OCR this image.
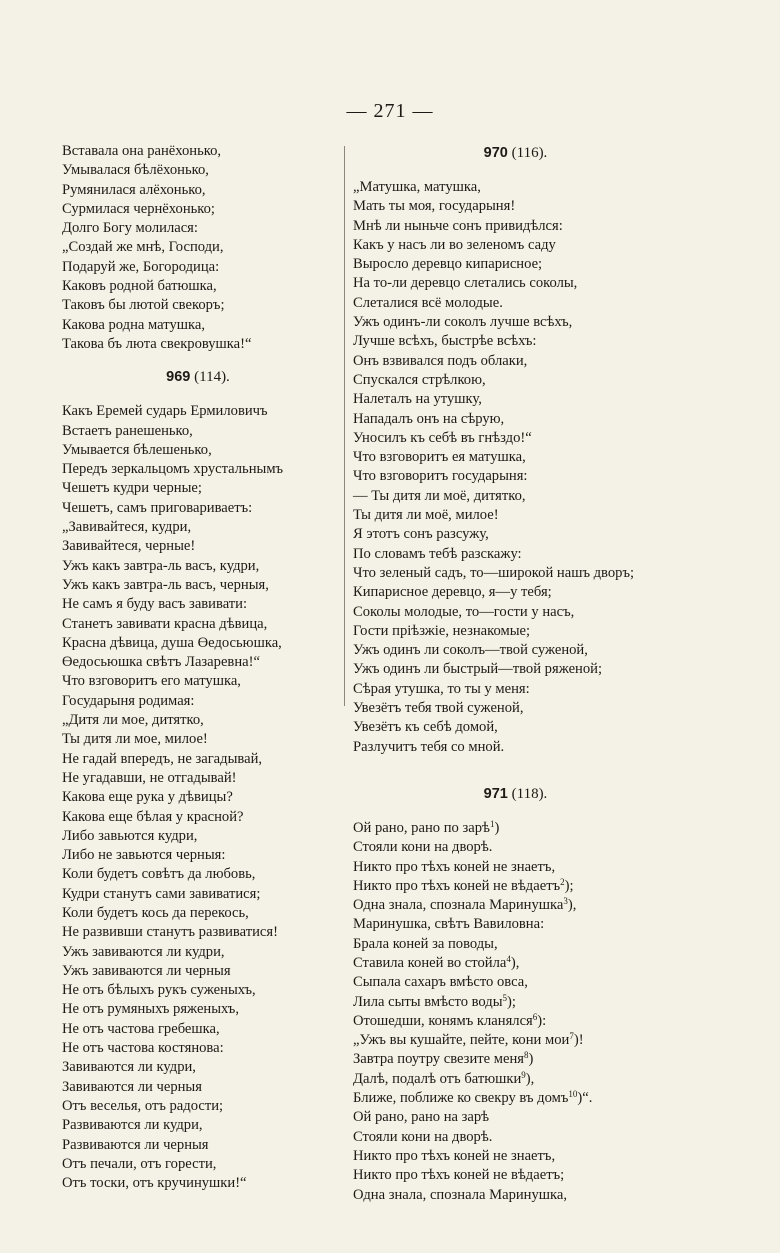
— 271 —
Вставала она ранёхонько,
Умывалася бѣлёхонько,
Румянилася алёхонько,
Сурмилася чернёхонько;
Долго Богу молилася:
„Создай же мнѣ, Господи,
Подаруй же, Богородица:
Каковъ родной батюшка,
Таковъ бы лютой свекоръ;
Какова родна матушка,
Такова бъ люта свекровушка!“
969 (114).
Какъ Еремей сударь Ермиловичъ
Встаетъ ранешенько,
Умывается бѣлешенько,
Передъ зеркальцомъ хрустальнымъ
Чешетъ кудри черные;
Чешетъ, самъ приговариваетъ:
„Завивайтеся, кудри,
Завивайтеся, черные!
Ужъ какъ завтра-ль васъ, кудри,
Ужъ какъ завтра-ль васъ, черныя,
Не самъ я буду васъ завивати:
Станетъ завивати красна дѣвица,
Красна дѣвица, душа Өедосьюшка,
Өедосьюшка свѣтъ Лазаревна!“
Что взговоритъ его матушка,
Государыня родимая:
„Дитя ли мое, дитятко,
Ты дитя ли мое, милое!
Не гадай впередъ, не загадывай,
Не угадавши, не отгадывай!
Какова еще рука у дѣвицы?
Какова еще бѣлая у красной?
Либо завьются кудри,
Либо не завьются черныя:
Коли будетъ совѣтъ да любовь,
Кудри станутъ сами завиватися;
Коли будетъ кось да перекось,
Не развивши станутъ развиватися!
Ужъ завиваются ли кудри,
Ужъ завиваются ли черныя
Не отъ бѣлыхъ рукъ суженыхъ,
Не отъ румяныхъ ряженыхъ,
Не отъ частова гребешка,
Не отъ частова костянова:
Завиваются ли кудри,
Завиваются ли черныя
Отъ веселья, отъ радости;
Развиваются ли кудри,
Развиваются ли черныя
Отъ печали, отъ горести,
Отъ тоски, отъ кручинушки!“
970 (116).
„Матушка, матушка,
Мать ты моя, государыня!
Мнѣ ли ныньче сонъ привидѣлся:
Какъ у насъ ли во зеленомъ саду
Выросло деревцо кипарисное;
На то-ли деревцо слетались соколы,
Слеталися всё молодые.
Ужъ одинъ-ли соколъ лучше всѣхъ,
Лучше всѣхъ, быстрѣе всѣхъ:
Онъ взвивался подъ облаки,
Спускался стрѣлкою,
Налеталъ на утушку,
Нападалъ онъ на сѣрую,
Уносилъ къ себѣ въ гнѣздо!“
Что взговоритъ ея матушка,
Что взговоритъ государыня:
— Ты дитя ли моё, дитятко,
Ты дитя ли моё, милое!
Я этотъ сонъ разсужу,
По словамъ тебѣ разскажу:
Что зеленый садъ, то—широкой нашъ дворъ;
Кипарисное деревцо, я—у тебя;
Соколы молодые, то—гости у насъ,
Гости прiѣзжiе, незнакомые;
Ужъ одинъ ли соколъ—твой суженой,
Ужъ одинъ ли быстрый—твой ряженой;
Сѣрая утушка, то ты у меня:
Увезётъ тебя твой суженой,
Увезётъ къ себѣ домой,
Разлучитъ тебя со мной.
971 (118).
Ой рано, рано по зарѣ$^1$)
Стояли кони на дворѣ.
Никто про тѣхъ коней не знаетъ,
Никто про тѣхъ коней не вѣдаетъ$^2$);
Одна знала, спознала Маринушка$^3$),
Маринушка, свѣтъ Вавиловна:
Брала коней за поводы,
Ставила коней во стойла$^4$),
Сыпала сахаръ вмѣсто овса,
Лила сыты вмѣсто воды$^5$);
Отошедши, конямъ кланялся$^6$):
„Ужъ вы кушайте, пейте, кони мои$^7$)!
Завтра поутру свезите меня$^8$)
Далѣ, подалѣ отъ батюшки$^9$),
Ближе, поближе ко свекру въ домъ$^{10}$)“.
Ой рано, рано на зарѣ
Стояли кони на дворѣ.
Никто про тѣхъ коней не знаетъ,
Никто про тѣхъ коней не вѣдаетъ;
Одна знала, спознала Маринушка,
